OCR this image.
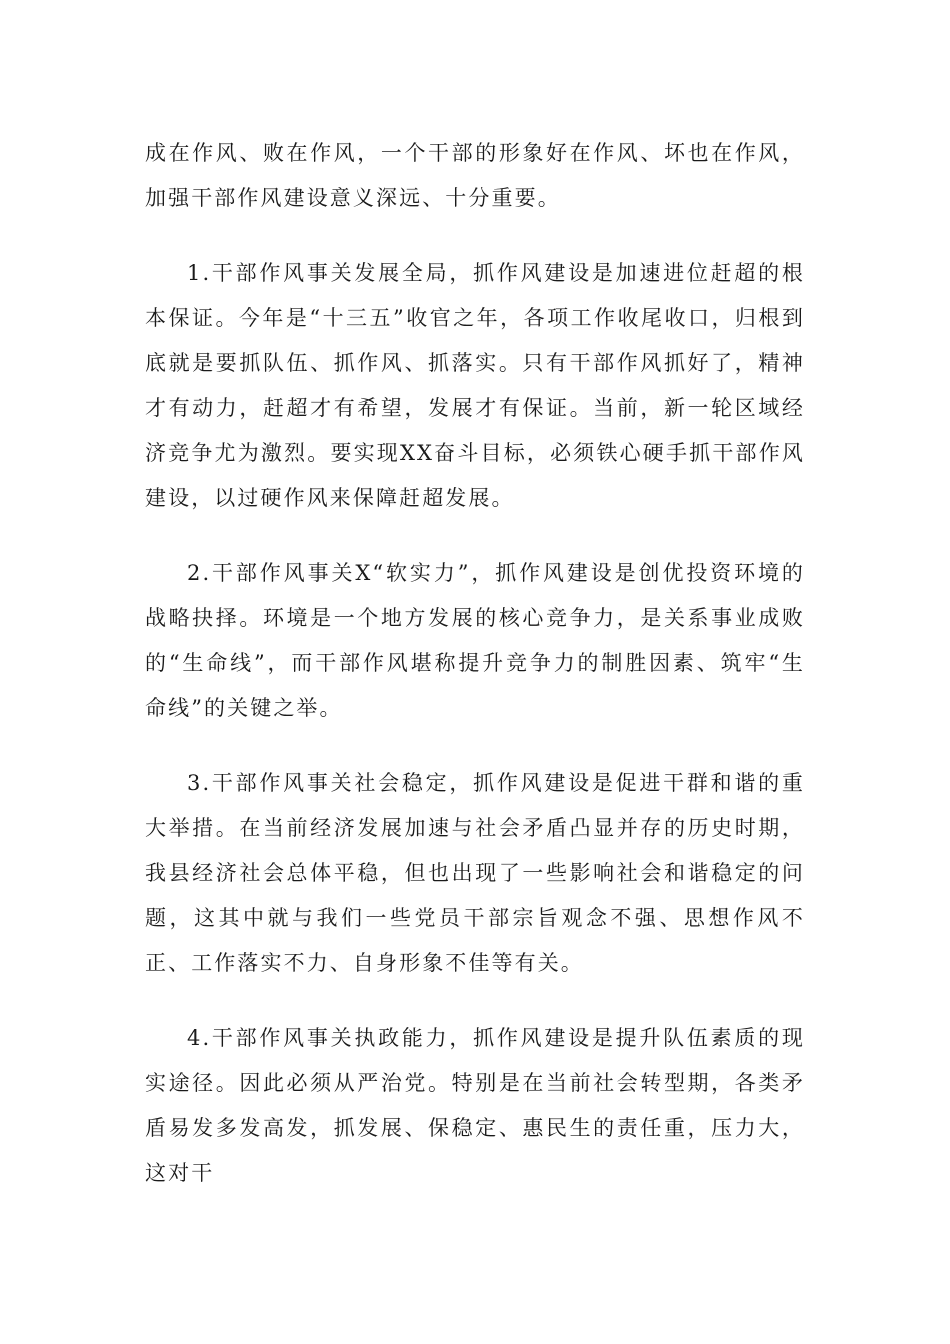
成在作风、败在作风，一个干部的形象好在作风、坏也在作风，加强干部作风建设意义深远、十分重要。

1.干部作风事关发展全局，抓作风建设是加速进位赶超的根本保证。今年是“十三五”收官之年，各项工作收尾收口，归根到底就是要抓队伍、抓作风、抓落实。只有干部作风抓好了，精神才有动力，赶超才有希望，发展才有保证。当前，新一轮区域经济竞争尤为激烈。要实现XX奋斗目标，必须铁心硬手抓干部作风建设，以过硬作风来保障赶超发展。

2.干部作风事关X“软实力”，抓作风建设是创优投资环境的战略抉择。环境是一个地方发展的核心竞争力，是关系事业成败的“生命线”，而干部作风堪称提升竞争力的制胜因素、筑牢“生命线”的关键之举。

3.干部作风事关社会稳定，抓作风建设是促进干群和谐的重大举措。在当前经济发展加速与社会矛盾凸显并存的历史时期，我县经济社会总体平稳，但也出现了一些影响社会和谐稳定的问题，这其中就与我们一些党员干部宗旨观念不强、思想作风不正、工作落实不力、自身形象不佳等有关。

4.干部作风事关执政能力，抓作风建设是提升队伍素质的现实途径。因此必须从严治党。特别是在当前社会转型期，各类矛盾易发多发高发，抓发展、保稳定、惠民生的责任重，压力大，这对干
